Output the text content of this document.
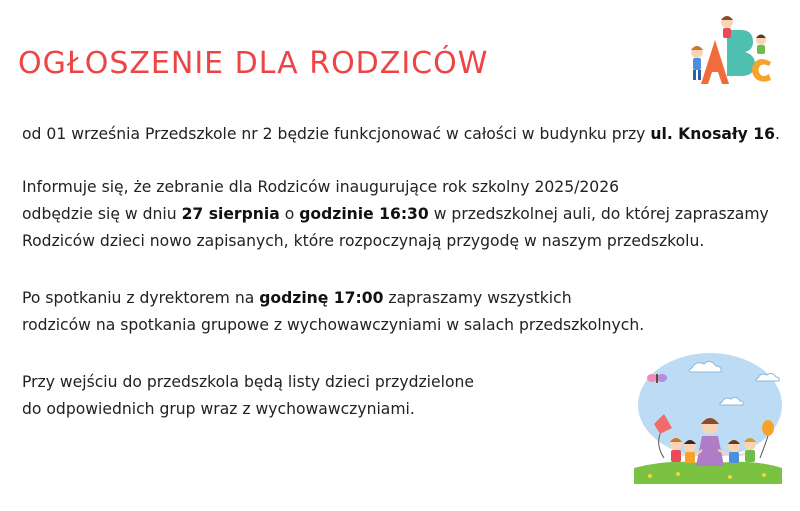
OGŁOSZENIE DLA RODZICÓW
od 01 września Przedszkole nr 2 będzie funkcjonować w całości w budynku przy ul. Knosały 16.
Informuje się, że zebranie dla Rodziców inaugurujące rok szkolny 2025/2026
odbędzie się w dniu 27 sierpnia o godzinie 16:30 w przedszkolnej auli, do której zapraszamy
Rodziców dzieci nowo zapisanych, które rozpoczynają przygodę w naszym przedszkolu.
Po spotkaniu z dyrektorem na godzinę 17:00 zapraszamy wszystkich
rodziców na spotkania grupowe z wychowawczyniami w salach przedszkolnych.
Przy wejściu do przedszkola będą listy dzieci przydzielone
do odpowiednich grup wraz z wychowawczyniami.
